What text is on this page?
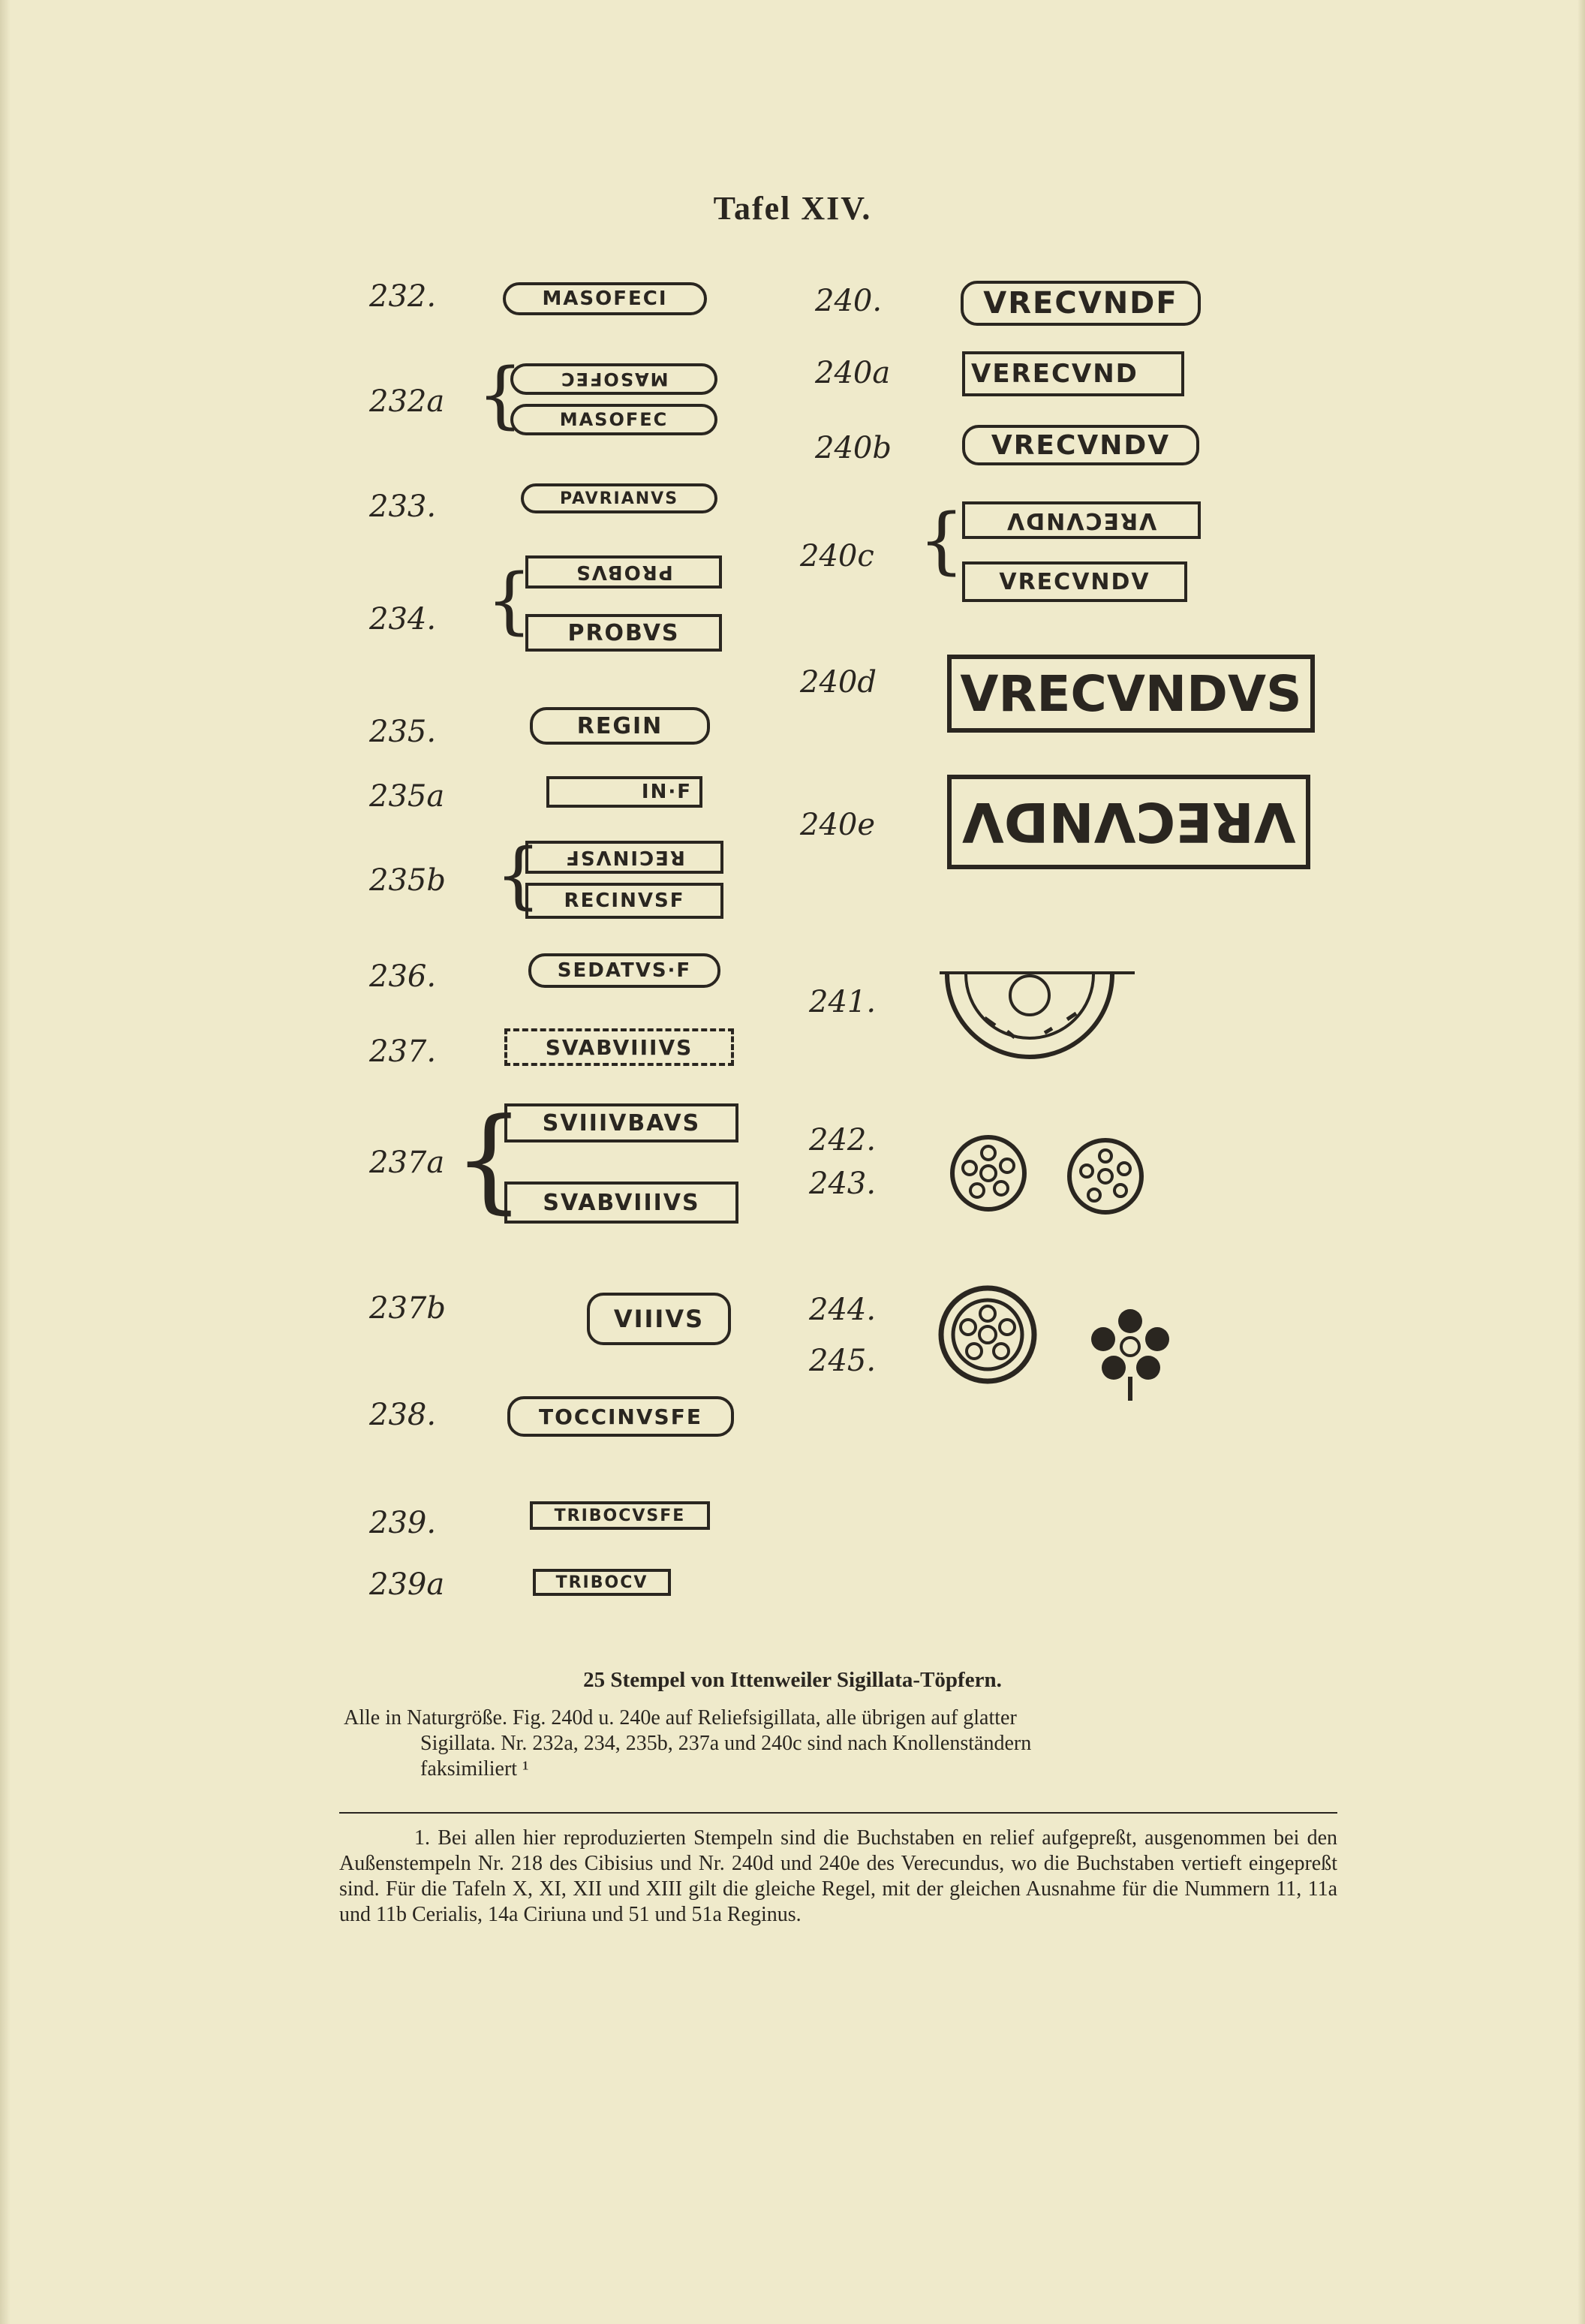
Tafel XIV.
232.
232a
233.
234.
235.
235a
235b
236.
237.
237a
237b
238.
239.
239a
{
{
{
{
MASOFECI
MASOFEC
MASOFEC
PAVRIANVS
PROBVS
PROBVS
REGIN
IN·F
RECINVSF
RECINVSF
SEDATVS·F
SVABVIIIVS
SVIIIVBAVS
SVABVIIIVS
VIIIVS
TOCCINVSFE
TRIBOCVSFE
TRIBOCV
240.
240a
240b
240c
240d
240e
241.
242.
243.
244.
245.
{
VRECVNDF
VERECVND
VRECVNDV
VRECVNDV
VRECVNDV
VRECVNDVS
VRECVNDV
25 Stempel von Ittenweiler Sigillata-Töpfern.
Alle in Naturgröße. Fig. 240d u. 240e auf Reliefsigillata, alle übrigen auf glatter
Sigillata. Nr. 232a, 234, 235b, 237a und 240c sind nach Knollenständern
faksimiliert ¹
1. Bei allen hier reproduzierten Stempeln sind die Buchstaben en relief aufgepreßt, ausgenommen bei den Außenstempeln Nr. 218 des Cibisius und Nr. 240d und 240e des Verecundus, wo die Buchstaben vertieft eingepreßt sind. Für die Tafeln X, XI, XII und XIII gilt die gleiche Regel, mit der gleichen Ausnahme für die Nummern 11, 11a und 11b Cerialis, 14a Ciriuna und 51 und 51a Reginus.
